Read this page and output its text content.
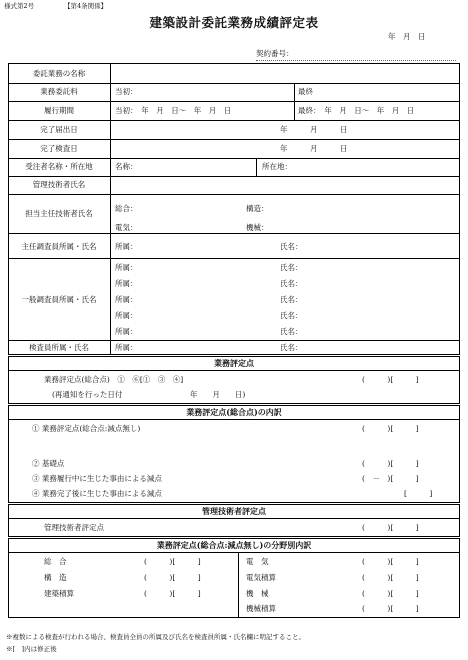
様式第2号	【第4条関係】
建築設計委託業務成績評定表
年　月　日
契約番号：
委託業務の名称
業務委託料	当初：	最終
履行期間	当初：　年　月　日～　年　月　日	最終：　年　月　日～　年　月　日
完了届出日	年　　　月　　　日
完了検査日	年　　　月　　　日
受注者名称・所在地	名称：	所在地：
管理技術者氏名
担当主任技術者氏名
総合：	構造：
電気：	機械：
主任調査員所属・氏名	所属：	氏名：
一般調査員所属・氏名
所属：	氏名：
所属：	氏名：
所属：	氏名：
所属：	氏名：
所属：	氏名：
検査員所属・氏名	所属：	氏名：
業務評定点
業務評定点(総合点)　①　⑥[①　③　④]	(　　　)[　　　]
(再通知を行った日付　　　　　　　　　年　　月　　日)
業務評定点(総合点)の内訳
① 業務評定点(総合点:減点無し)	(　　　)[　　　]
② 基礎点	(　　　)[　　　]
③ 業務履行中に生じた事由による減点	(　－　)[　　　]
④ 業務完了後に生じた事由による減点	[　　　]
管理技術者評定点
管理技術者評定点	(　　　)[　　　]
業務評定点(総合点:減点無し)の分野別内訳
総　合	(　　　)[　　　]
構　造	(　　　)[　　　]
建築積算	(　　　)[　　　]
電　気	(　　　)[　　　]
電気積算	(　　　)[　　　]
機　械	(　　　)[　　　]
機械積算	(　　　)[　　　]
※複数による検査が行われる場合、検査員全員の所属及び氏名を検査員所属・氏名欄に明記すること。
※[　]内は修正後
